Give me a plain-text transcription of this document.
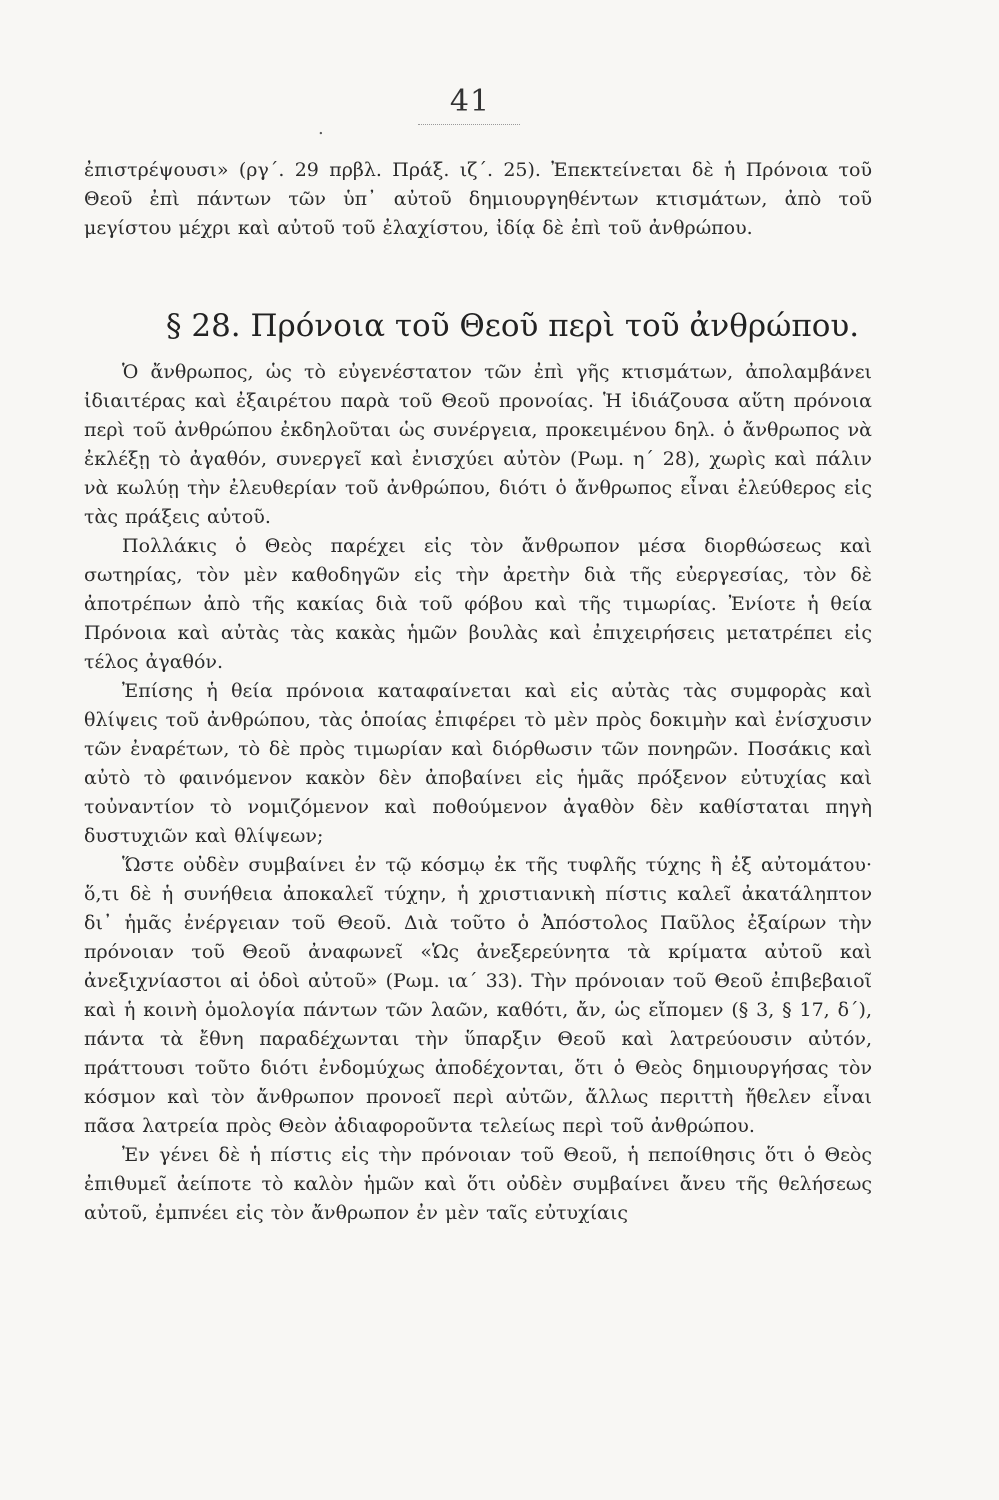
41
.

ἐπιστρέψουσι» (ργ΄. 29 πρβλ. Πράξ. ιζ΄. 25). Ἐπεκτείνεται δὲ ἡ Πρόνοια τοῦ Θεοῦ ἐπὶ πάντων τῶν ὑπ᾽ αὐτοῦ δημιουργηθέντων κτισμάτων, ἀπὸ τοῦ μεγίστου μέχρι καὶ αὐτοῦ τοῦ ἐλαχίστου, ἰδίᾳ δὲ ἐπὶ τοῦ ἀνθρώπου.

§ 28. Πρόνοια τοῦ Θεοῦ περὶ τοῦ ἀνθρώπου.

Ὁ ἄνθρωπος, ὡς τὸ εὐγενέστατον τῶν ἐπὶ γῆς κτισμάτων, ἀπολαμβάνει ἰδιαιτέρας καὶ ἐξαιρέτου παρὰ τοῦ Θεοῦ προνοίας. Ἡ ἰδιάζουσα αὕτη πρόνοια περὶ τοῦ ἀνθρώπου ἐκδηλοῦται ὡς συνέργεια, προκειμένου δηλ. ὁ ἄνθρωπος νὰ ἐκλέξῃ τὸ ἀγαθόν, συνεργεῖ καὶ ἐνισχύει αὐτὸν (Ρωμ. η΄ 28), χωρὶς καὶ πάλιν νὰ κωλύῃ τὴν ἐλευθερίαν τοῦ ἀνθρώπου, διότι ὁ ἄνθρωπος εἶναι ἐλεύθερος εἰς τὰς πράξεις αὐτοῦ.

Πολλάκις ὁ Θεὸς παρέχει εἰς τὸν ἄνθρωπον μέσα διορθώσεως καὶ σωτηρίας, τὸν μὲν καθοδηγῶν εἰς τὴν ἀρετὴν διὰ τῆς εὐεργεσίας, τὸν δὲ ἀποτρέπων ἀπὸ τῆς κακίας διὰ τοῦ φόβου καὶ τῆς τιμωρίας. Ἐνίοτε ἡ θεία Πρόνοια καὶ αὐτὰς τὰς κακὰς ἡμῶν βουλὰς καὶ ἐπιχειρήσεις μετατρέπει εἰς τέλος ἀγαθόν.

Ἐπίσης ἡ θεία πρόνοια καταφαίνεται καὶ εἰς αὐτὰς τὰς συμφορὰς καὶ θλίψεις τοῦ ἀνθρώπου, τὰς ὁποίας ἐπιφέρει τὸ μὲν πρὸς δοκιμὴν καὶ ἐνίσχυσιν τῶν ἐναρέτων, τὸ δὲ πρὸς τιμωρίαν καὶ διόρθωσιν τῶν πονηρῶν. Ποσάκις καὶ αὐτὸ τὸ φαινόμενον κακὸν δὲν ἀποβαίνει εἰς ἡμᾶς πρόξενον εὐτυχίας καὶ τοὐναντίον τὸ νομιζόμενον καὶ ποθούμενον ἀγαθὸν δὲν καθίσταται πηγὴ δυστυχιῶν καὶ θλίψεων;

Ὥστε οὐδὲν συμβαίνει ἐν τῷ κόσμῳ ἐκ τῆς τυφλῆς τύχης ἢ ἐξ αὐτομάτου· ὅ,τι δὲ ἡ συνήθεια ἀποκαλεῖ τύχην, ἡ χριστιανικὴ πίστις καλεῖ ἀκατάληπτον δι᾽ ἡμᾶς ἐνέργειαν τοῦ Θεοῦ. Διὰ τοῦτο ὁ Ἀπόστολος Παῦλος ἐξαίρων τὴν πρόνοιαν τοῦ Θεοῦ ἀναφωνεῖ «Ὡς ἀνεξερεύνητα τὰ κρίματα αὐτοῦ καὶ ἀνεξιχνίαστοι αἱ ὁδοὶ αὐτοῦ» (Ρωμ. ια΄ 33). Τὴν πρόνοιαν τοῦ Θεοῦ ἐπιβεβαιοῖ καὶ ἡ κοινὴ ὁμολογία πάντων τῶν λαῶν, καθότι, ἄν, ὡς εἴπομεν (§ 3, § 17, δ΄), πάντα τὰ ἔθνη παραδέχωνται τὴν ὕπαρξιν Θεοῦ καὶ λατρεύουσιν αὐτόν, πράττουσι τοῦτο διότι ἐνδομύχως ἀποδέχονται, ὅτι ὁ Θεὸς δημιουργήσας τὸν κόσμον καὶ τὸν ἄνθρωπον προνοεῖ περὶ αὐτῶν, ἄλλως περιττὴ ἤθελεν εἶναι πᾶσα λατρεία πρὸς Θεὸν ἀδιαφοροῦντα τελείως περὶ τοῦ ἀνθρώπου.

Ἐν γένει δὲ ἡ πίστις εἰς τὴν πρόνοιαν τοῦ Θεοῦ, ἡ πεποίθησις ὅτι ὁ Θεὸς ἐπιθυμεῖ ἀείποτε τὸ καλὸν ἡμῶν καὶ ὅτι οὐδὲν συμβαίνει ἄνευ τῆς θελήσεως αὐτοῦ, ἐμπνέει εἰς τὸν ἄνθρωπον ἐν μὲν ταῖς εὐτυχίαις
